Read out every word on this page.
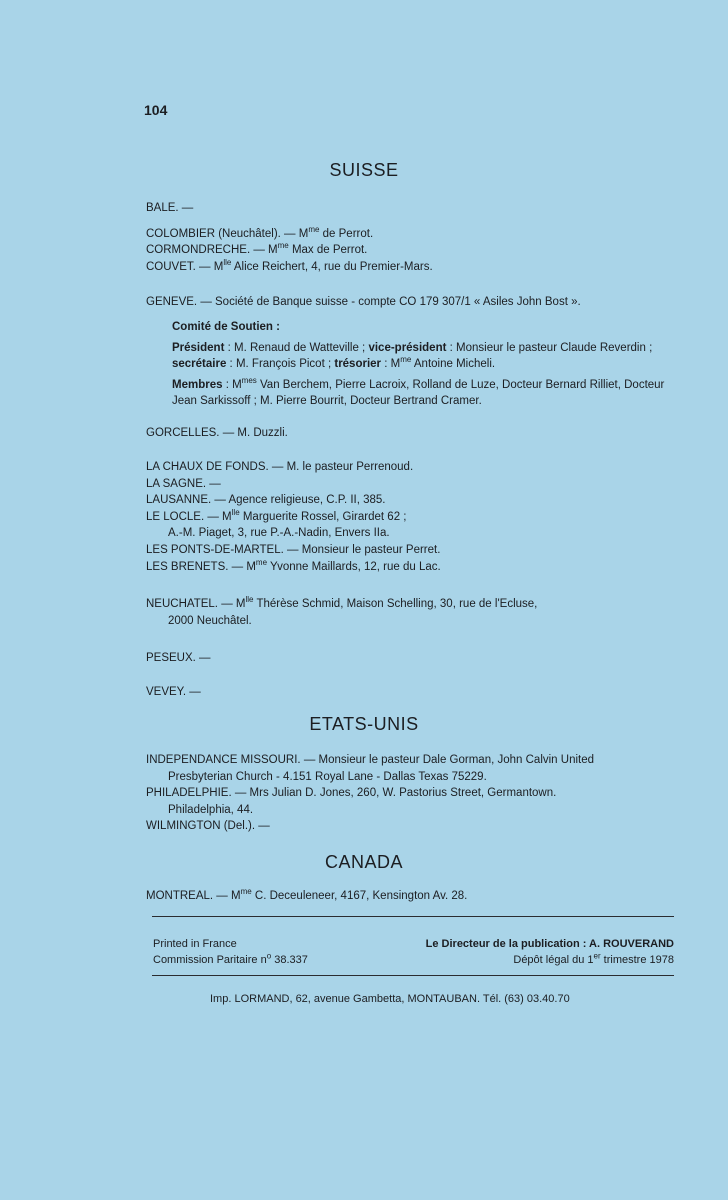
104
SUISSE
BALE. —
COLOMBIER (Neuchâtel). — $M^{me}$ de Perrot.
CORMONDRECHE. — $M^{me}$ Max de Perrot.
COUVET. — $M^{lle}$ Alice Reichert, 4, rue du Premier-Mars.
GENEVE. — Société de Banque suisse - compte CO 179 307/1 « Asiles John Bost ».

Comité de Soutien :

Président : M. Renaud de Watteville ; vice-président : Monsieur le pasteur Claude Reverdin ; secrétaire : M. François Picot ; trésorier : $M^{me}$ Antoine Micheli.

Membres : $M^{mes}$ Van Berchem, Pierre Lacroix, Rolland de Luze, Docteur Bernard Rilliet, Docteur Jean Sarkissoff ; M. Pierre Bourrit, Docteur Bertrand Cramer.

GORCELLES. — M. Duzzli.
LA CHAUX DE FONDS. — M. le pasteur Perrenoud.
LA SAGNE. —
LAUSANNE. — Agence religieuse, C.P. II, 385.
LE LOCLE. — $M^{lle}$ Marguerite Rossel, Girardet 62 ;
A.-M. Piaget, 3, rue P.-A.-Nadin, Envers IIa.
LES PONTS-DE-MARTEL. — Monsieur le pasteur Perret.
LES BRENETS. — $M^{me}$ Yvonne Maillards, 12, rue du Lac.
NEUCHATEL. — $M^{lle}$ Thérèse Schmid, Maison Schelling, 30, rue de l'Ecluse,
2000 Neuchâtel.
PESEUX. —
VEVEY. —
ETATS-UNIS
INDEPENDANCE MISSOURI. — Monsieur le pasteur Dale Gorman, John Calvin United
Presbyterian Church - 4.151 Royal Lane - Dallas Texas 75229.
PHILADELPHIE. — Mrs Julian D. Jones, 260, W. Pastorius Street, Germantown.
Philadelphia, 44.
WILMINGTON (Del.). —
CANADA
MONTREAL. — $M^{me}$ C. Deceuleneer, 4167, Kensington Av. 28.
Printed in France
Commission Paritaire $n^o$ 38.337
Le Directeur de la publication : A. ROUVERAND
Dépôt légal du 1er trimestre 1978
Imp. LORMAND, 62, avenue Gambetta, MONTAUBAN. Tél. (63) 03.40.70
